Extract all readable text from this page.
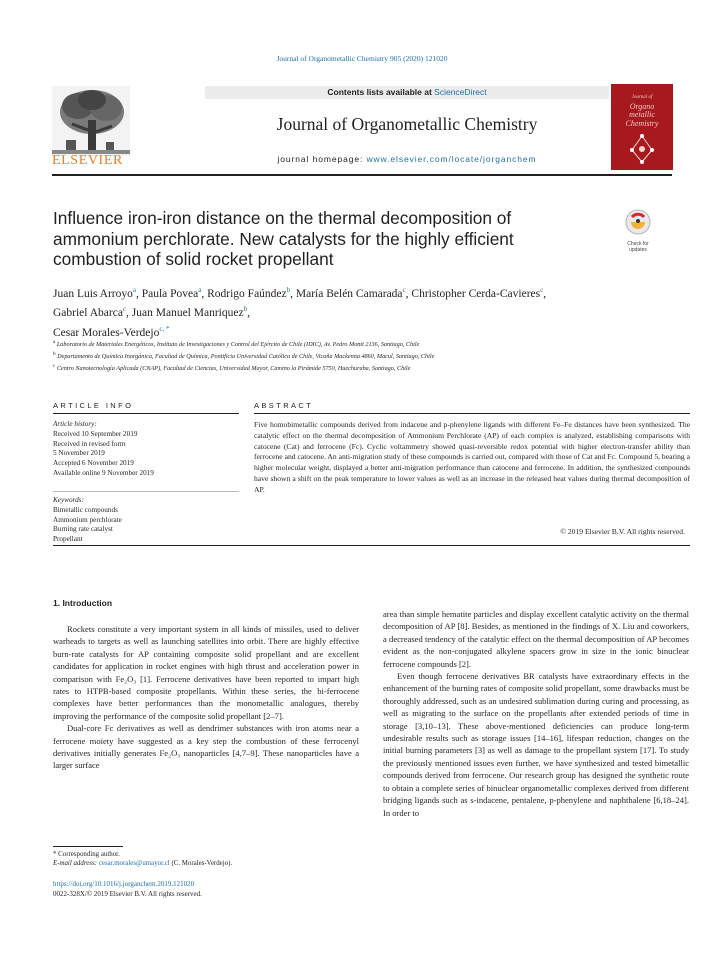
Journal of Organometallic Chemistry 905 (2020) 121020
ELSEVIER
Contents lists available at ScienceDirect
Journal of Organometallic Chemistry
journal homepage: www.elsevier.com/locate/jorganchem
Journal of
Organo
metallic
Chemistry
Influence iron-iron distance on the thermal decomposition of ammonium perchlorate. New catalysts for the highly efficient combustion of solid rocket propellant
Check for
updates
Juan Luis Arroyo$^a$, Paula Povea$^a$, Rodrigo Faúndez$^b$, María Belén Camarada$^c$, Christopher Cerda-Cavieres$^c$, Gabriel Abarca$^c$, Juan Manuel Manriquez$^b$,
Cesar Morales-Verdejo$^{c, *}$
$^a$ Laboratorio de Materiales Energéticos, Instituto de Investigaciones y Control del Ejército de Chile (IDIC), Av. Pedro Montt 2136, Santiago, Chile
$^b$ Departamento de Química Inorgánica, Facultad de Química, Pontificia Universidad Católica de Chile, Vicuña Mackenna 4860, Macul, Santiago, Chile
$^c$ Centro Nanotecnología Aplicada (CNAP), Facultad de Ciencias, Universidad Mayor, Camino la Pirámide 5750, Huechuraba, Santiago, Chile
ARTICLE INFO	ABSTRACT
Article history:
Received 10 September 2019
Received in revised form
5 November 2019
Accepted 6 November 2019
Available online 9 November 2019
Keywords:
Bimetallic compounds
Ammonium perchlorate
Burning rate catalyst
Propellant
Five homobimetallic compounds derived from indacene and p-phenylene ligands with different Fe–Fe distances have been synthesized. The catalytic effect on the thermal decomposition of Ammonium Perchlorate (AP) of each complex is analyzed, establishing comparisons with catocene (Cat) and ferrocene (Fc). Cyclic voltammetry showed quasi-reversible redox potential with higher electron-transfer ability than ferrocene and catocene. An anti-migration study of these compounds is carried out, compared with those of Cat and Fc. Compound 5, bearing a higher molecular weight, displayed a better anti-migration performance than catocene and ferrocene. In addition, the synthesized compounds have shown a shift on the peak temperature to lower values as well as an increase in the released heat values during thermal decomposition of AP.
© 2019 Elsevier B.V. All rights reserved.
1. Introduction

Rockets constitute a very important system in all kinds of missiles, used to deliver warheads to targets as well as launching satellites into orbit. There are highly effective burn-rate catalysts for AP containing composite solid propellant and are excellent candidates for application in rocket engines with high thrust and acceleration power in comparison with Fe₂O₃ [1]. Ferrocene derivatives have been reported to impart high rates to HTPB-based composite propellants. Within these series, the bi-ferrocene complexes have better performances than the monometallic analogues, thereby improving the performance of the composite solid propellant [2–7].

Dual-core Fc derivatives as well as dendrimer substances with iron atoms near a ferrocene moiety have suggested as a key step the combustion of these ferrocenyl derivatives initially generates Fe₂O₃ nanoparticles [4,7–9]. These nanoparticles have a larger surface

area than simple hematite particles and display excellent catalytic activity on the thermal decomposition of AP [8]. Besides, as mentioned in the findings of X. Liu and coworkers, a decreased tendency of the catalytic effect on the thermal decomposition of AP becomes evident as the non-conjugated alkylene spacers grow in size in the ionic binuclear ferrocene compounds [2].

Even though ferrocene derivatives BR catalysts have extraordinary effects in the enhancement of the burning rates of composite solid propellant, some drawbacks must be thoroughly addressed, such as an undesired sublimation during curing and processing, as well as migrating to the surface on the propellants after extended periods of time in storage [3,10–13]. These above-mentioned deficiencies can produce long-term undesirable results such as storage issues [14–16], lifespan reduction, changes on the initial burning parameters [3] as well as damage to the propellant system [17]. To study the previously mentioned issues even further, we have synthesized and tested bimetallic compounds derived from ferrocene. Our research group has designed the synthetic route to obtain a complete series of binuclear organometallic complexes derived from different bridging ligands such as s-indacene, pentalene, p-phenylene and naphthalene [6,18–24]. In order to

* Corresponding author.
E-mail address: cesar.morales@umayor.cl (C. Morales-Verdejo).
https://doi.org/10.1016/j.jorganchem.2019.121020
0022-328X/© 2019 Elsevier B.V. All rights reserved.
